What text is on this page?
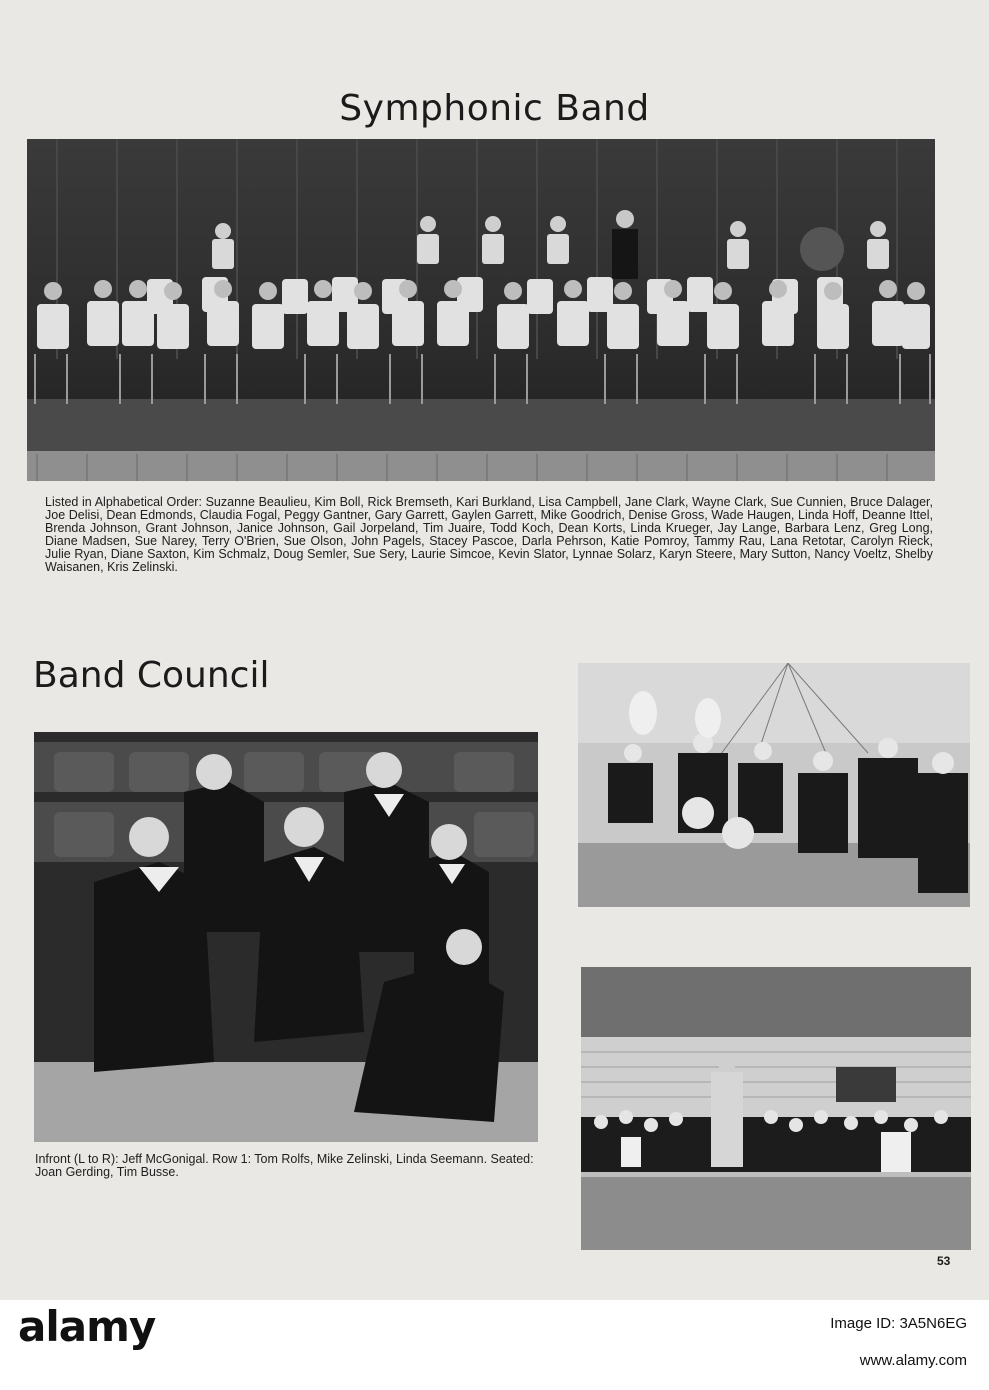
Symphonic Band
Listed in Alphabetical Order: Suzanne Beaulieu, Kim Boll, Rick Bremseth, Kari Burkland, Lisa Campbell, Jane Clark, Wayne Clark, Sue Cunnien, Bruce Dalager, Joe Delisi, Dean Edmonds, Claudia Fogal, Peggy Gantner, Gary Garrett, Gaylen Garrett, Mike Goodrich, Denise Gross, Wade Haugen, Linda Hoff, Deanne Ittel, Brenda Johnson, Grant Johnson, Janice Johnson, Gail Jorpeland, Tim Juaire, Todd Koch, Dean Korts, Linda Krueger, Jay Lange, Barbara Lenz, Greg Long, Diane Madsen, Sue Narey, Terry O'Brien, Sue Olson, John Pagels, Stacey Pascoe, Darla Pehrson, Katie Pomroy, Tammy Rau, Lana Retotar, Carolyn Rieck, Julie Ryan, Diane Saxton, Kim Schmalz, Doug Semler, Sue Sery, Laurie Simcoe, Kevin Slator, Lynnae Solarz, Karyn Steere, Mary Sutton, Nancy Voeltz, Shelby Waisanen, Kris Zelinski.
Band Council
Infront (L to R): Jeff McGonigal. Row 1: Tom Rolfs, Mike Zelinski, Linda Seemann. Seated: Joan Gerding, Tim Busse.
53
alamy	Image ID: 3A5N6EG
www.alamy.com
